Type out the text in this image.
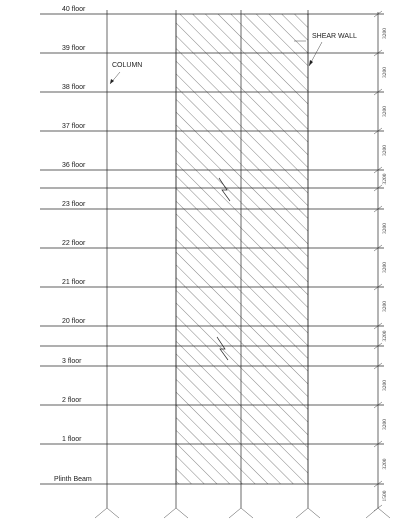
40 floor
39 floor
38 floor
37 floor
36 floor
23 floor
22 floor
21 floor
20 floor
3 floor
2 floor
1 floor
Plinth Beam
3200
3200
3200
3200
3200
3200
3200
3200
3200
3200
3200
3200
1500
COLUMN
SHEAR WALL
